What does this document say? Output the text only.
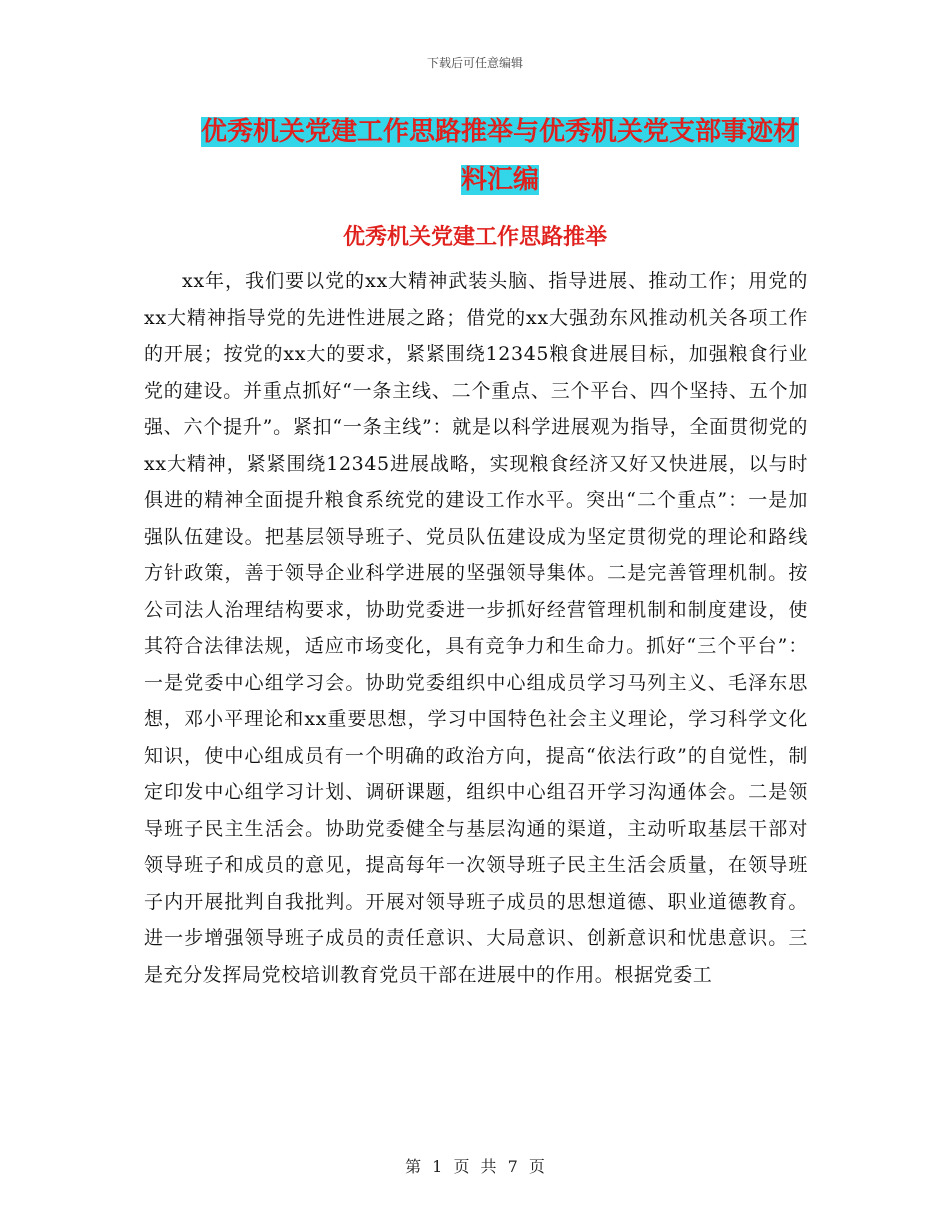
下载后可任意编辑
优秀机关党建工作思路推举与优秀机关党支部事迹材料汇编
优秀机关党建工作思路推举

xx年，我们要以党的xx大精神武装头脑、指导进展、推动工作；用党的xx大精神指导党的先进性进展之路；借党的xx大强劲东风推动机关各项工作的开展；按党的xx大的要求，紧紧围绕12345粮食进展目标，加强粮食行业党的建设。并重点抓好“一条主线、二个重点、三个平台、四个坚持、五个加强、六个提升”。紧扣“一条主线”：就是以科学进展观为指导，全面贯彻党的xx大精神，紧紧围绕12345进展战略，实现粮食经济又好又快进展，以与时俱进的精神全面提升粮食系统党的建设工作水平。突出“二个重点”：一是加强队伍建设。把基层领导班子、党员队伍建设成为坚定贯彻党的理论和路线方针政策，善于领导企业科学进展的坚强领导集体。二是完善管理机制。按公司法人治理结构要求，协助党委进一步抓好经营管理机制和制度建设，使其符合法律法规，适应市场变化，具有竞争力和生命力。抓好“三个平台”：一是党委中心组学习会。协助党委组织中心组成员学习马列主义、毛泽东思想，邓小平理论和xx重要思想，学习中国特色社会主义理论，学习科学文化知识，使中心组成员有一个明确的政治方向，提高“依法行政”的自觉性，制定印发中心组学习计划、调研课题，组织中心组召开学习沟通体会。二是领导班子民主生活会。协助党委健全与基层沟通的渠道，主动听取基层干部对领导班子和成员的意见，提高每年一次领导班子民主生活会质量，在领导班子内开展批判自我批判。开展对领导班子成员的思想道德、职业道德教育。进一步增强领导班子成员的责任意识、大局意识、创新意识和忧患意识。三是充分发挥局党校培训教育党员干部在进展中的作用。根据党委工

第 1 页 共 7 页
